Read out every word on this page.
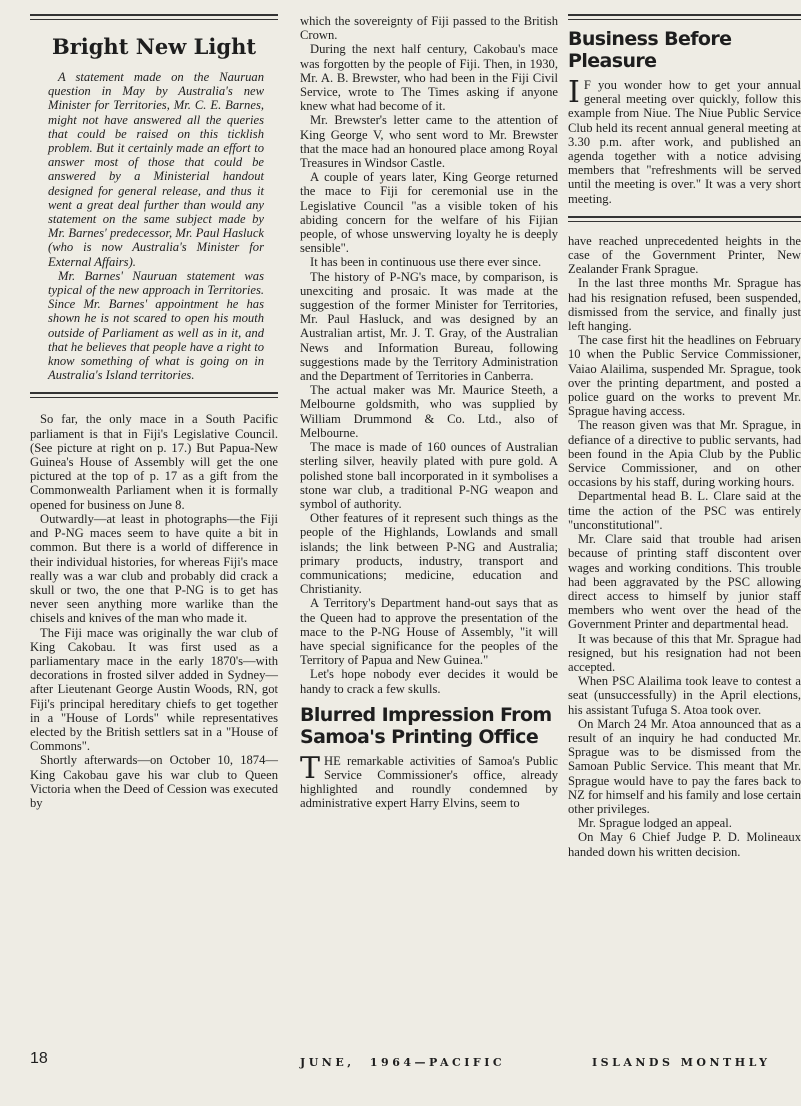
Bright New Light

A statement made on the Nauruan question in May by Australia's new Minister for Territories, Mr. C. E. Barnes, might not have answered all the queries that could be raised on this ticklish problem. But it certainly made an effort to answer most of those that could be answered by a Ministerial handout designed for general release, and thus it went a great deal further than would any statement on the same subject made by Mr. Barnes' predecessor, Mr. Paul Hasluck (who is now Australia's Minister for External Affairs).

Mr. Barnes' Nauruan statement was typical of the new approach in Territories. Since Mr. Barnes' appointment he has shown he is not scared to open his mouth outside of Parliament as well as in it, and that he believes that people have a right to know something of what is going on in Australia's Island territories.

So far, the only mace in a South Pacific parliament is that in Fiji's Legislative Council. (See picture at right on p. 17.) But Papua-New Guinea's House of Assembly will get the one pictured at the top of p. 17 as a gift from the Commonwealth Parliament when it is formally opened for business on June 8.

Outwardly—at least in photographs—the Fiji and P-NG maces seem to have quite a bit in common. But there is a world of difference in their individual histories, for whereas Fiji's mace really was a war club and probably did crack a skull or two, the one that P-NG is to get has never seen anything more warlike than the chisels and knives of the man who made it.

The Fiji mace was originally the war club of King Cakobau. It was first used as a parliamentary mace in the early 1870's—with decorations in frosted silver added in Sydney—after Lieutenant George Austin Woods, RN, got Fiji's principal hereditary chiefs to get together in a "House of Lords" while representatives elected by the British settlers sat in a "House of Commons".

Shortly afterwards—on October 10, 1874—King Cakobau gave his war club to Queen Victoria when the Deed of Cession was executed by

which the sovereignty of Fiji passed to the British Crown.

During the next half century, Cakobau's mace was forgotten by the people of Fiji. Then, in 1930, Mr. A. B. Brewster, who had been in the Fiji Civil Service, wrote to The Times asking if anyone knew what had become of it.

Mr. Brewster's letter came to the attention of King George V, who sent word to Mr. Brewster that the mace had an honoured place among Royal Treasures in Windsor Castle.

A couple of years later, King George returned the mace to Fiji for ceremonial use in the Legislative Council "as a visible token of his abiding concern for the welfare of his Fijian people, of whose unswerving loyalty he is deeply sensible".

It has been in continuous use there ever since.

The history of P-NG's mace, by comparison, is unexciting and prosaic. It was made at the suggestion of the former Minister for Territories, Mr. Paul Hasluck, and was designed by an Australian artist, Mr. J. T. Gray, of the Australian News and Information Bureau, following suggestions made by the Territory Administration and the Department of Territories in Canberra.

The actual maker was Mr. Maurice Steeth, a Melbourne goldsmith, who was supplied by William Drummond & Co. Ltd., also of Melbourne.

The mace is made of 160 ounces of Australian sterling silver, heavily plated with pure gold. A polished stone ball incorporated in it symbolises a stone war club, a traditional P-NG weapon and symbol of authority.

Other features of it represent such things as the people of the Highlands, Lowlands and small islands; the link between P-NG and Australia; primary products, industry, transport and communications; medicine, education and Christianity.

A Territory's Department hand-out says that as the Queen had to approve the presentation of the mace to the P-NG House of Assembly, "it will have special significance for the peoples of the Territory of Papua and New Guinea."

Let's hope nobody ever decides it would be handy to crack a few skulls.

Blurred Impression From Samoa's Printing Office

THE remarkable activities of Samoa's Public Service Commissioner's office, already highlighted and roundly condemned by administrative expert Harry Elvins, seem to

Business Before Pleasure

I F you wonder how to get your annual general meeting over quickly, follow this example from Niue. The Niue Public Service Club held its recent annual general meeting at 3.30 p.m. after work, and published an agenda together with a notice advising members that "refreshments will be served until the meeting is over." It was a very short meeting.

have reached unprecedented heights in the case of the Government Printer, New Zealander Frank Sprague.

In the last three months Mr. Sprague has had his resignation refused, been suspended, dismissed from the service, and finally just left hanging.

The case first hit the headlines on February 10 when the Public Service Commissioner, Vaiao Alailima, suspended Mr. Sprague, took over the printing department, and posted a police guard on the works to prevent Mr. Sprague having access.

The reason given was that Mr. Sprague, in defiance of a directive to public servants, had been found in the Apia Club by the Public Service Commissioner, and on other occasions by his staff, during working hours.

Departmental head B. L. Clare said at the time the action of the PSC was entirely "unconstitutional".

Mr. Clare said that trouble had arisen because of printing staff discontent over wages and working conditions. This trouble had been aggravated by the PSC allowing direct access to himself by junior staff members who went over the head of the Government Printer and departmental head.

It was because of this that Mr. Sprague had resigned, but his resignation had not been accepted.

When PSC Alailima took leave to contest a seat (unsuccessfully) in the April elections, his assistant Tufuga S. Atoa took over.

On March 24 Mr. Atoa announced that as a result of an inquiry he had conducted Mr. Sprague was to be dismissed from the Samoan Public Service. This meant that Mr. Sprague would have to pay the fares back to NZ for himself and his family and lose certain other privileges.

Mr. Sprague lodged an appeal.

On May 6 Chief Judge P. D. Molineaux handed down his written decision.

18	JUNE, 1964—PACIFIC	ISLANDS MONTHLY
